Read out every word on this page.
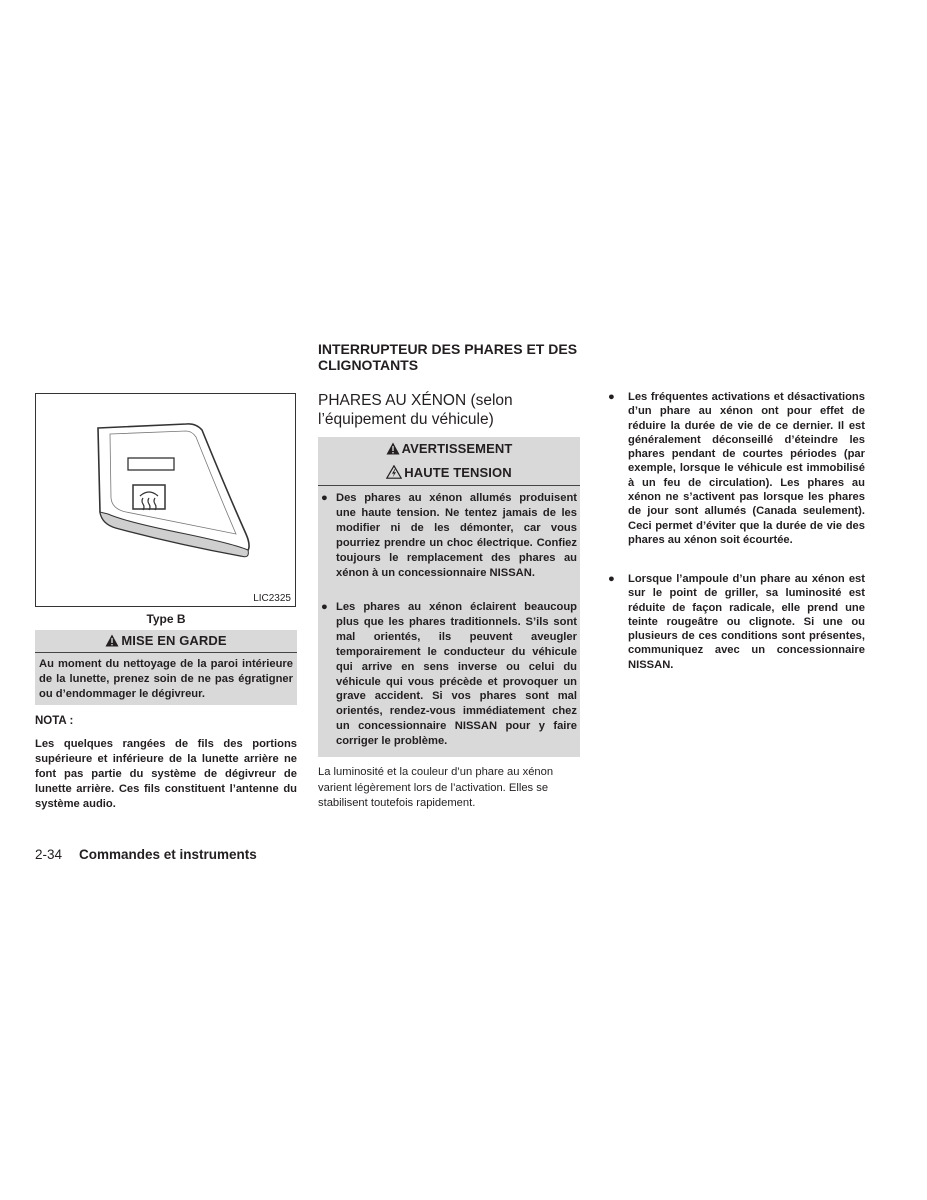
LIC2325
Type B
MISE EN GARDE
Au moment du nettoyage de la paroi intérieure de la lunette, prenez soin de ne pas égratigner ou d’endommager le dégivreur.
NOTA :
Les quelques rangées de fils des portions supérieure et inférieure de la lunette arrière ne font pas partie du système de dégivreur de lunette arrière. Ces fils constituent l’antenne du système audio.
2-34 Commandes et instruments
INTERRUPTEUR DES PHARES ET DES CLIGNOTANTS
PHARES AU XÉNON (selon l’équipement du véhicule)
AVERTISSEMENT
HAUTE TENSION
● Des phares au xénon allumés produisent une haute tension. Ne tentez jamais de les modifier ni de les démonter, car vous pourriez prendre un choc électrique. Confiez toujours le remplacement des phares au xénon à un concessionnaire NISSAN.
● Les phares au xénon éclairent beaucoup plus que les phares traditionnels. S’ils sont mal orientés, ils peuvent aveugler temporairement le conducteur du véhicule qui arrive en sens inverse ou celui du véhicule qui vous précède et provoquer un grave accident. Si vos phares sont mal orientés, rendez-vous immédiatement chez un concessionnaire NISSAN pour y faire corriger le problème.
La luminosité et la couleur d’un phare au xénon varient légèrement lors de l’activation. Elles se stabilisent toutefois rapidement.
● Les fréquentes activations et désactivations d’un phare au xénon ont pour effet de réduire la durée de vie de ce dernier. Il est généralement déconseillé d’éteindre les phares pendant de courtes périodes (par exemple, lorsque le véhicule est immobilisé à un feu de circulation). Les phares au xénon ne s’activent pas lorsque les phares de jour sont allumés (Canada seulement). Ceci permet d’éviter que la durée de vie des phares au xénon soit écourtée.
● Lorsque l’ampoule d’un phare au xénon est sur le point de griller, sa luminosité est réduite de façon radicale, elle prend une teinte rougeâtre ou clignote. Si une ou plusieurs de ces conditions sont présentes, communiquez avec un concessionnaire NISSAN.
